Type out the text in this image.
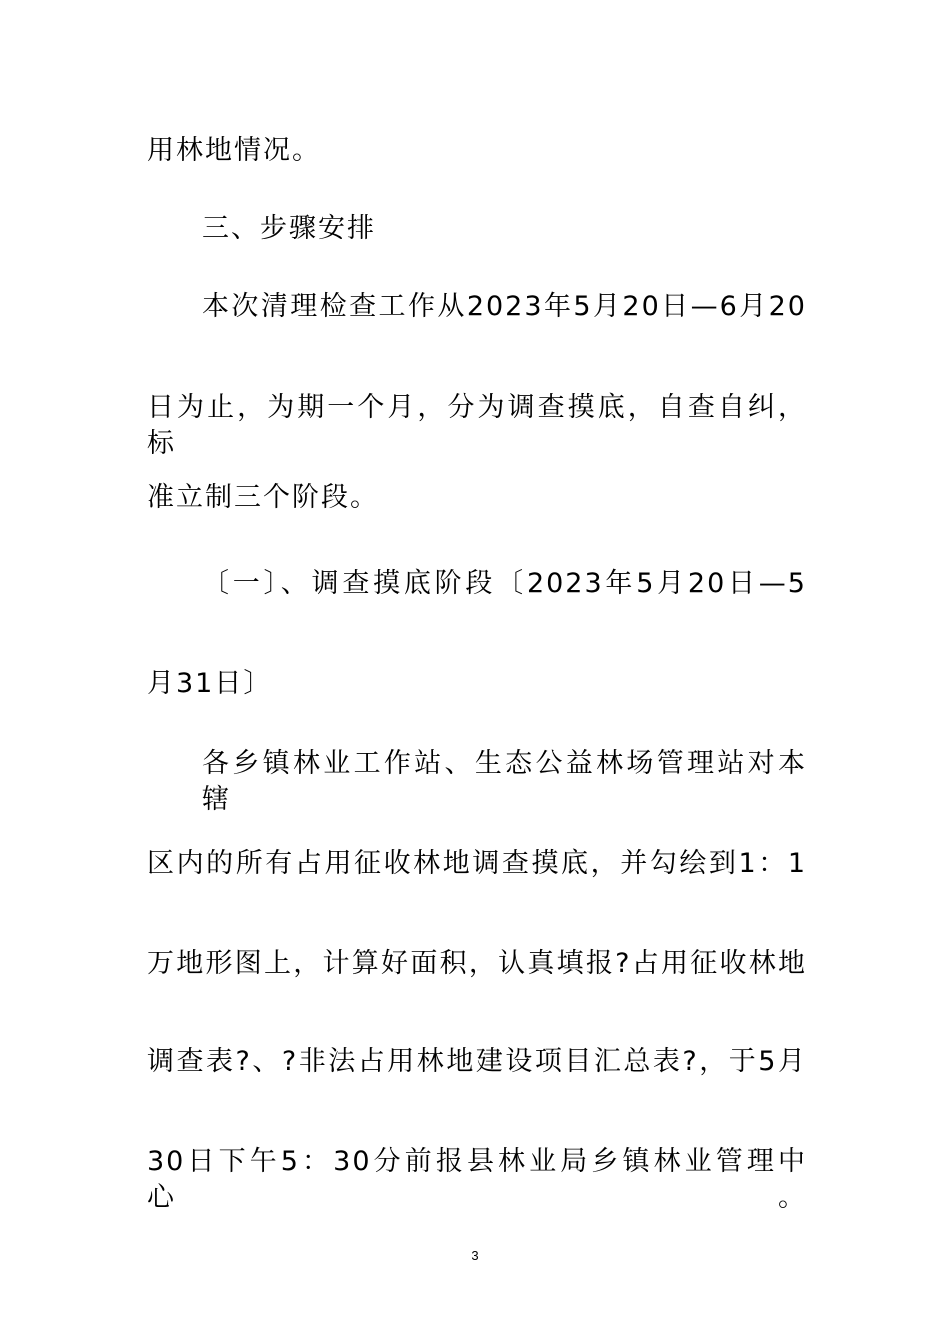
用林地情况。
三、步骤安排
本次清理检查工作从2023年5月20日—6月20
日为止，为期一个月，分为调查摸底，自查自纠，标
准立制三个阶段。
〔一〕、调查摸底阶段〔2023年5月20日—5
月31日〕
各乡镇林业工作站、生态公益林场管理站对本辖
区内的所有占用征收林地调查摸底，并勾绘到1：1
万地形图上，计算好面积，认真填报?占用征收林地
调查表?、?非法占用林地建设项目汇总表?，于5月
30日下午5：30分前报县林业局乡镇林业管理中心。
3
